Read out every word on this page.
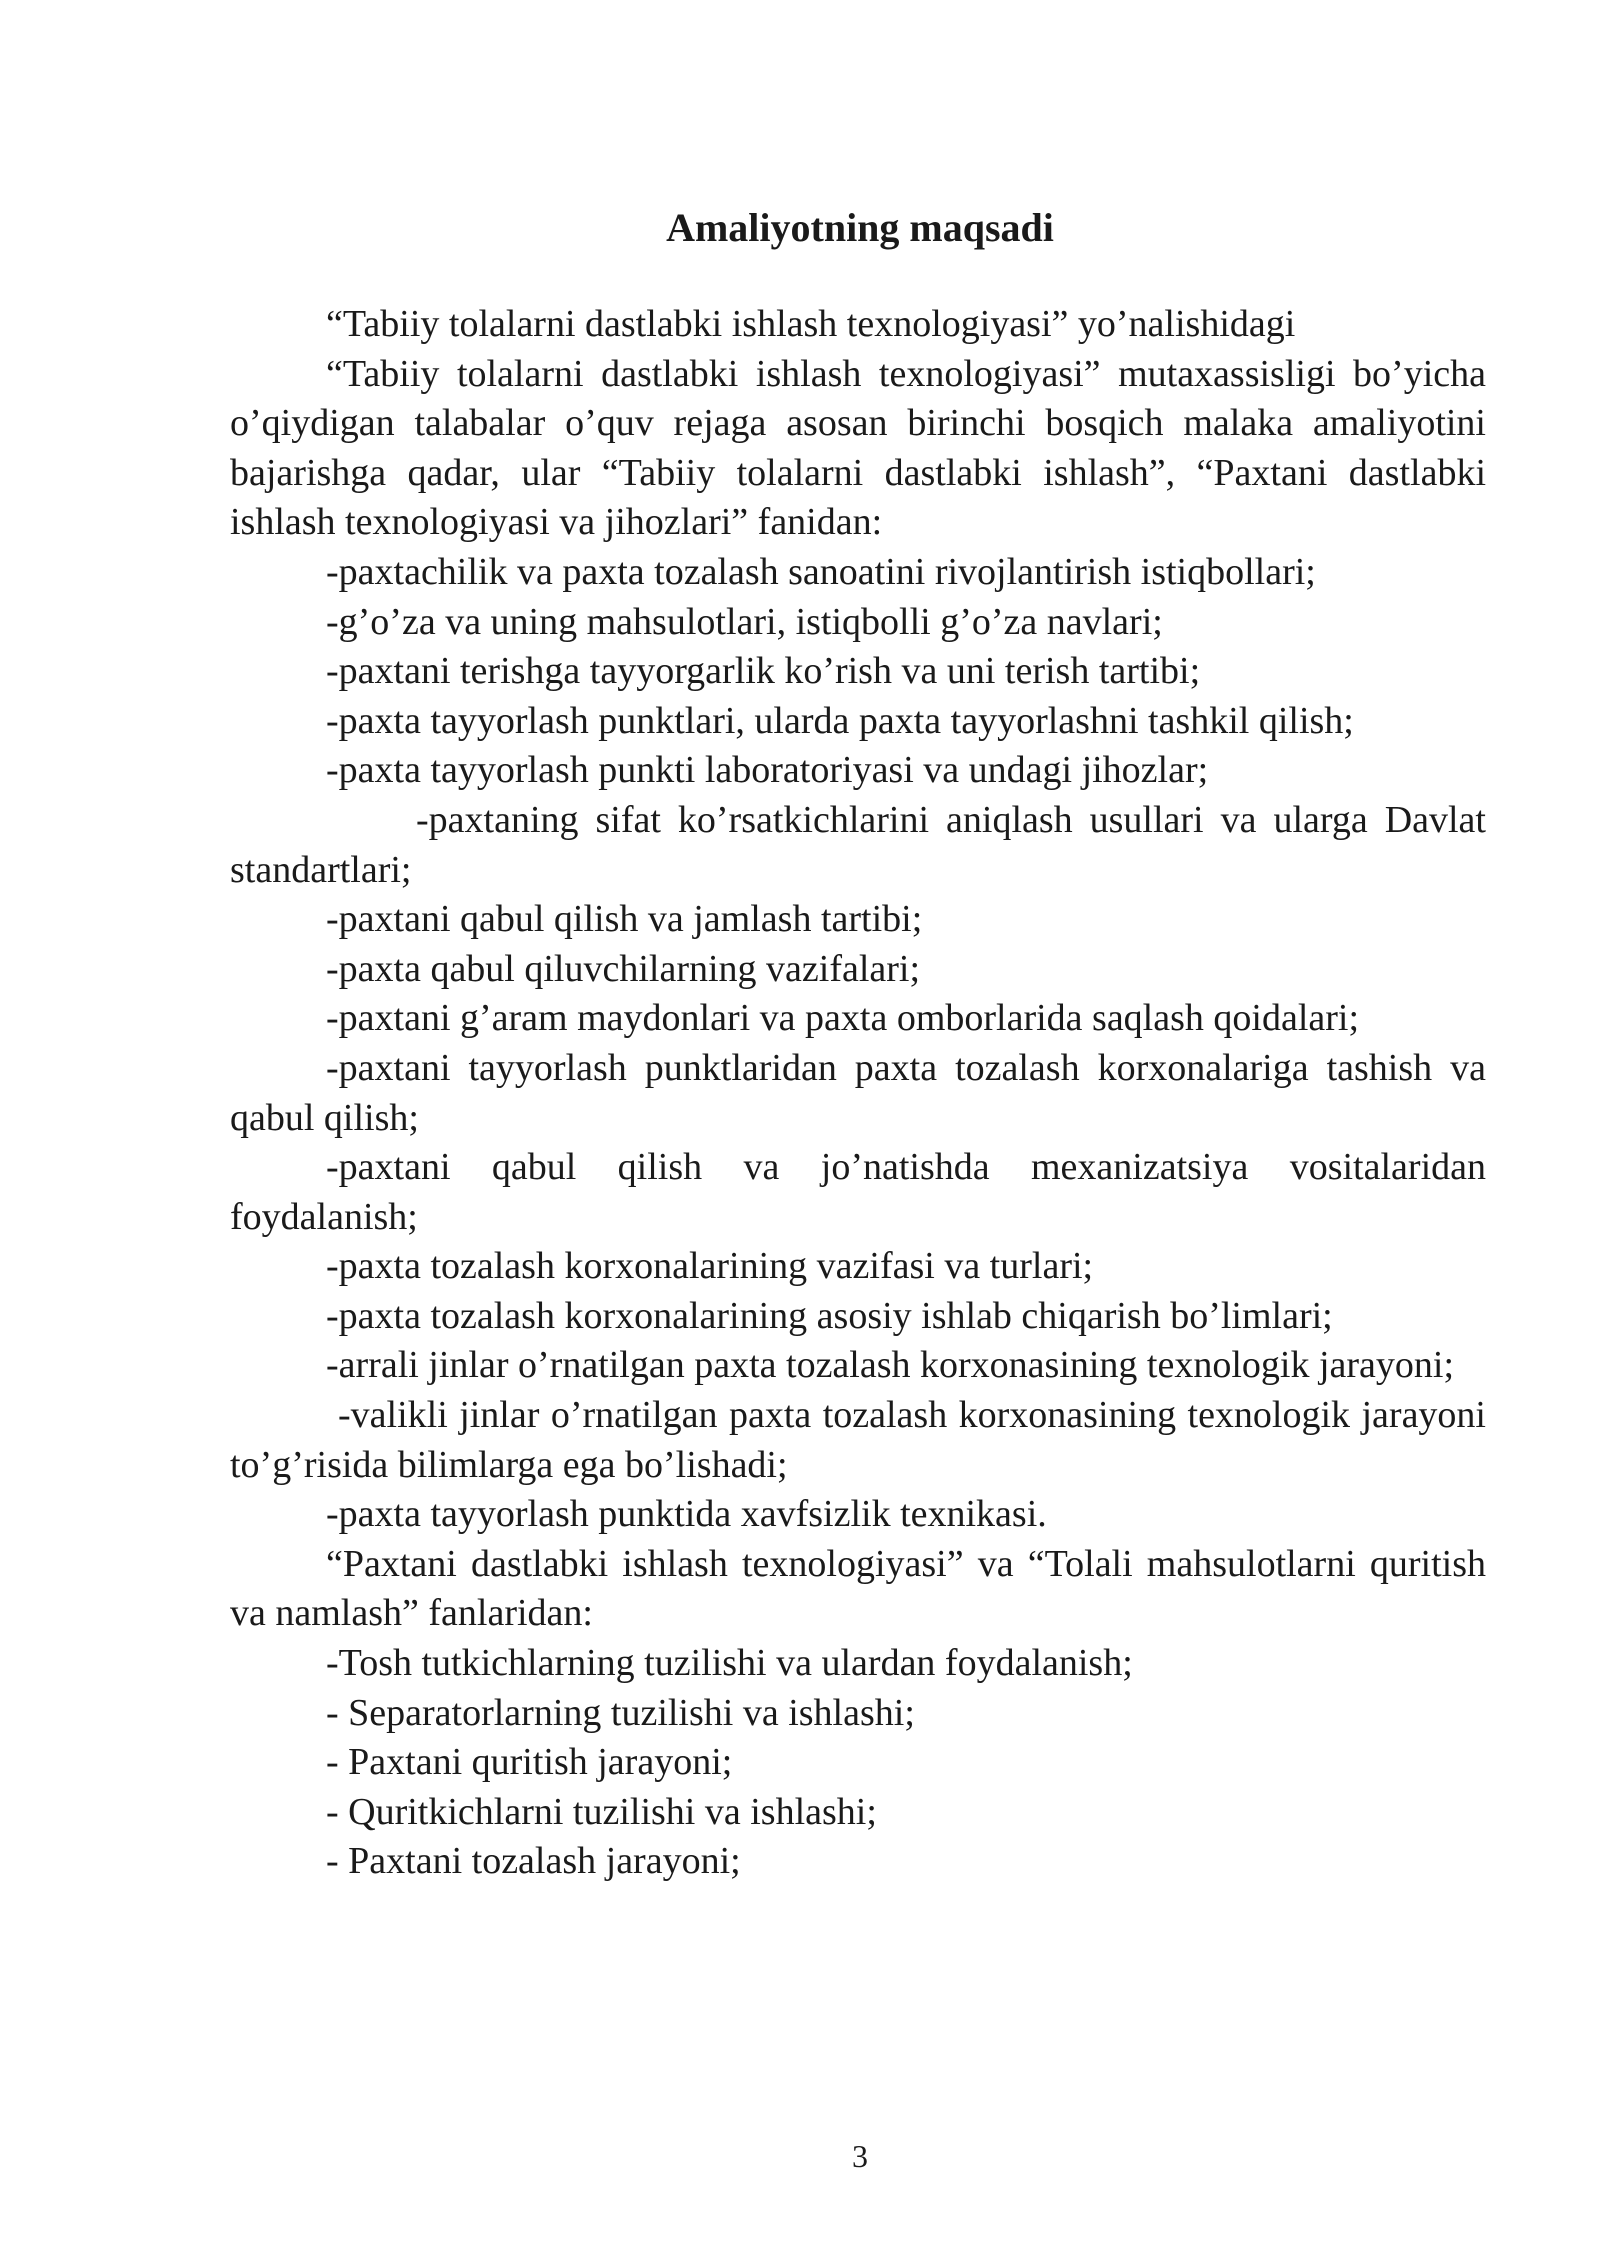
Amaliyotning maqsadi

“Tabiiy tolalarni dastlabki ishlash texnologiyasi” yo’nalishidagi

“Tabiiy tolalarni dastlabki ishlash texnologiyasi” mutaxassisligi bo’yicha o’qiydigan talabalar o’quv rejaga asosan birinchi bosqich malaka amaliyotini bajarishga qadar, ular “Tabiiy tolalarni dastlabki ishlash”, “Paxtani dastlabki ishlash texnologiyasi va jihozlari” fanidan:

-paxtachilik va paxta tozalash sanoatini rivojlantirish istiqbollari;

-g’o’za va uning mahsulotlari, istiqbolli g’o’za navlari;

-paxtani terishga tayyorgarlik ko’rish va uni terish tartibi;

-paxta tayyorlash punktlari, ularda paxta tayyorlashni tashkil qilish;

-paxta tayyorlash punkti laboratoriyasi va undagi jihozlar;

-paxtaning sifat ko’rsatkichlarini aniqlash usullari va ularga Davlat standartlari;

-paxtani qabul qilish va jamlash tartibi;

-paxta qabul qiluvchilarning vazifalari;

-paxtani g’aram maydonlari va paxta omborlarida saqlash qoidalari;

-paxtani tayyorlash punktlaridan paxta tozalash korxonalariga tashish va qabul qilish;

-paxtani qabul qilish va jo’natishda mexanizatsiya vositalaridan foydalanish;

-paxta tozalash korxonalarining vazifasi va turlari;

-paxta tozalash korxonalarining asosiy ishlab chiqarish bo’limlari;

-arrali jinlar o’rnatilgan paxta tozalash korxonasining texnologik jarayoni;

-valikli jinlar o’rnatilgan paxta tozalash korxonasining texnologik jarayoni to’g’risida bilimlarga ega bo’lishadi;

-paxta tayyorlash punktida xavfsizlik texnikasi.

“Paxtani dastlabki ishlash texnologiyasi” va “Tolali mahsulotlarni quritish va namlash” fanlaridan:

-Tosh tutkichlarning tuzilishi va ulardan foydalanish;

- Separatorlarning tuzilishi va ishlashi;

- Paxtani quritish jarayoni;

- Quritkichlarni tuzilishi va ishlashi;

- Paxtani tozalash jarayoni;

3
